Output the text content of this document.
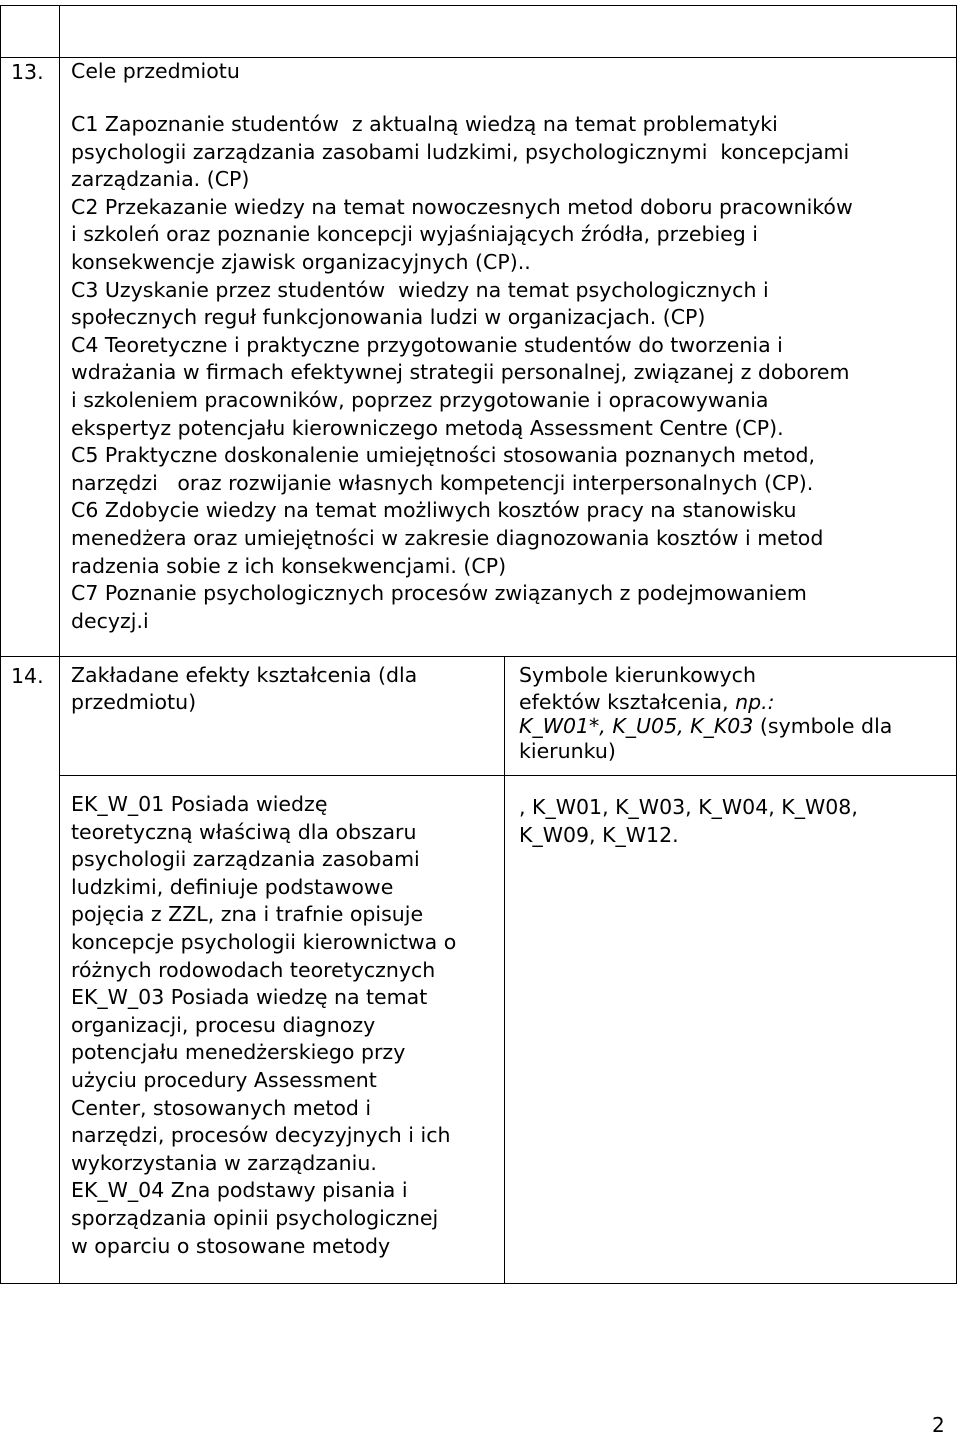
13. Cele przedmiotu
C1 Zapoznanie studentów  z aktualną wiedzą na temat problematyki
psychologii zarządzania zasobami ludzkimi, psychologicznymi  koncepcjami
zarządzania. (CP)
C2 Przekazanie wiedzy na temat nowoczesnych metod doboru pracowników
i szkoleń oraz poznanie koncepcji wyjaśniających źródła, przebieg i
konsekwencje zjawisk organizacyjnych (CP)..
C3 Uzyskanie przez studentów  wiedzy na temat psychologicznych i
społecznych reguł funkcjonowania ludzi w organizacjach. (CP)
C4 Teoretyczne i praktyczne przygotowanie studentów do tworzenia i
wdrażania w firmach efektywnej strategii personalnej, związanej z doborem
i szkoleniem pracowników, poprzez przygotowanie i opracowywania
ekspertyz potencjału kierowniczego metodą Assessment Centre (CP).
C5 Praktyczne doskonalenie umiejętności stosowania poznanych metod,
narzędzi   oraz rozwijanie własnych kompetencji interpersonalnych (CP).
C6 Zdobycie wiedzy na temat możliwych kosztów pracy na stanowisku
menedżera oraz umiejętności w zakresie diagnozowania kosztów i metod
radzenia sobie z ich konsekwencjami. (CP)
C7 Poznanie psychologicznych procesów związanych z podejmowaniem
decyzj.i
14. Zakładane efekty kształcenia (dla
przedmiotu)
Symbole kierunkowych
efektów kształcenia, np.:
K_W01*, K_U05, K_K03 (symbole dla
kierunku)
EK_W_01 Posiada wiedzę
teoretyczną właściwą dla obszaru
psychologii zarządzania zasobami
ludzkimi, definiuje podstawowe
pojęcia z ZZL, zna i trafnie opisuje
koncepcje psychologii kierownictwa o
różnych rodowodach teoretycznych
EK_W_03 Posiada wiedzę na temat
organizacji, procesu diagnozy
potencjału menedżerskiego przy
użyciu procedury Assessment
Center, stosowanych metod i
narzędzi, procesów decyzyjnych i ich
wykorzystania w zarządzaniu.
EK_W_04 Zna podstawy pisania i
sporządzania opinii psychologicznej
w oparciu o stosowane metody
, K_W01, K_W03, K_W04, K_W08,
K_W09, K_W12.
2
